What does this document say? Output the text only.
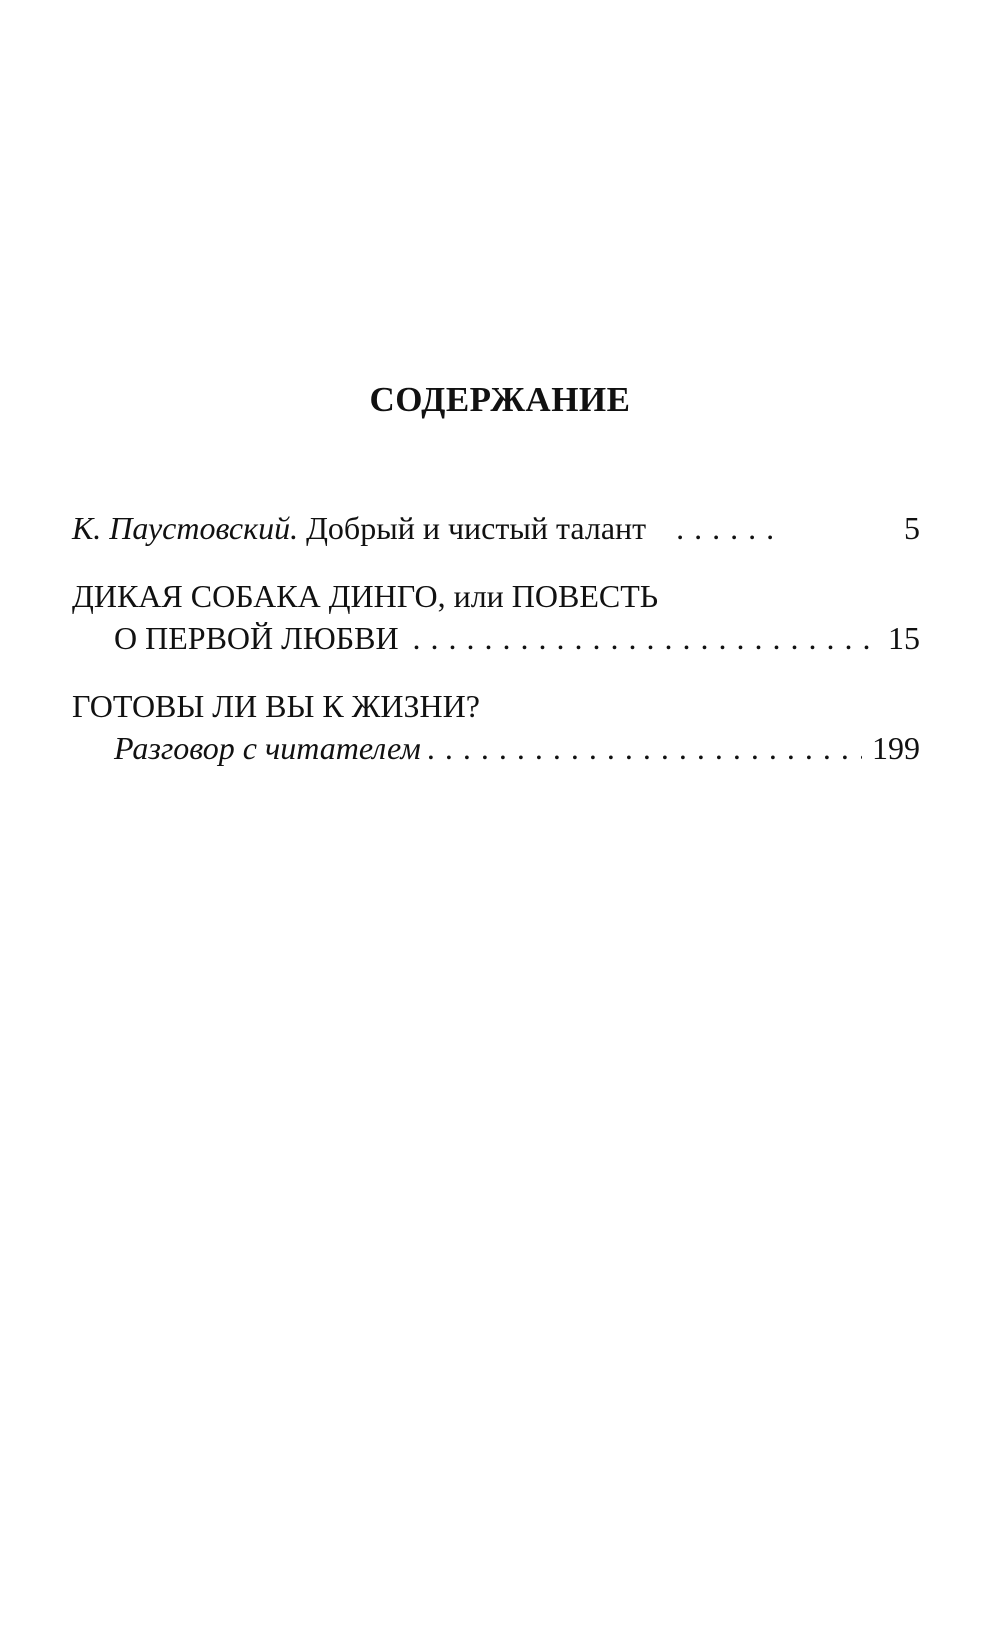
СОДЕРЖАНИЕ
К. Паустовский.
Добрый и чистый талант . . .	5
ДИКАЯ СОБАКА ДИНГО, или ПОВЕСТЬ
О ПЕРВОЙ ЛЮБВИ . . .	15
ГОТОВЫ ЛИ ВЫ К ЖИЗНИ?
Разговор с читателем . . .	199
